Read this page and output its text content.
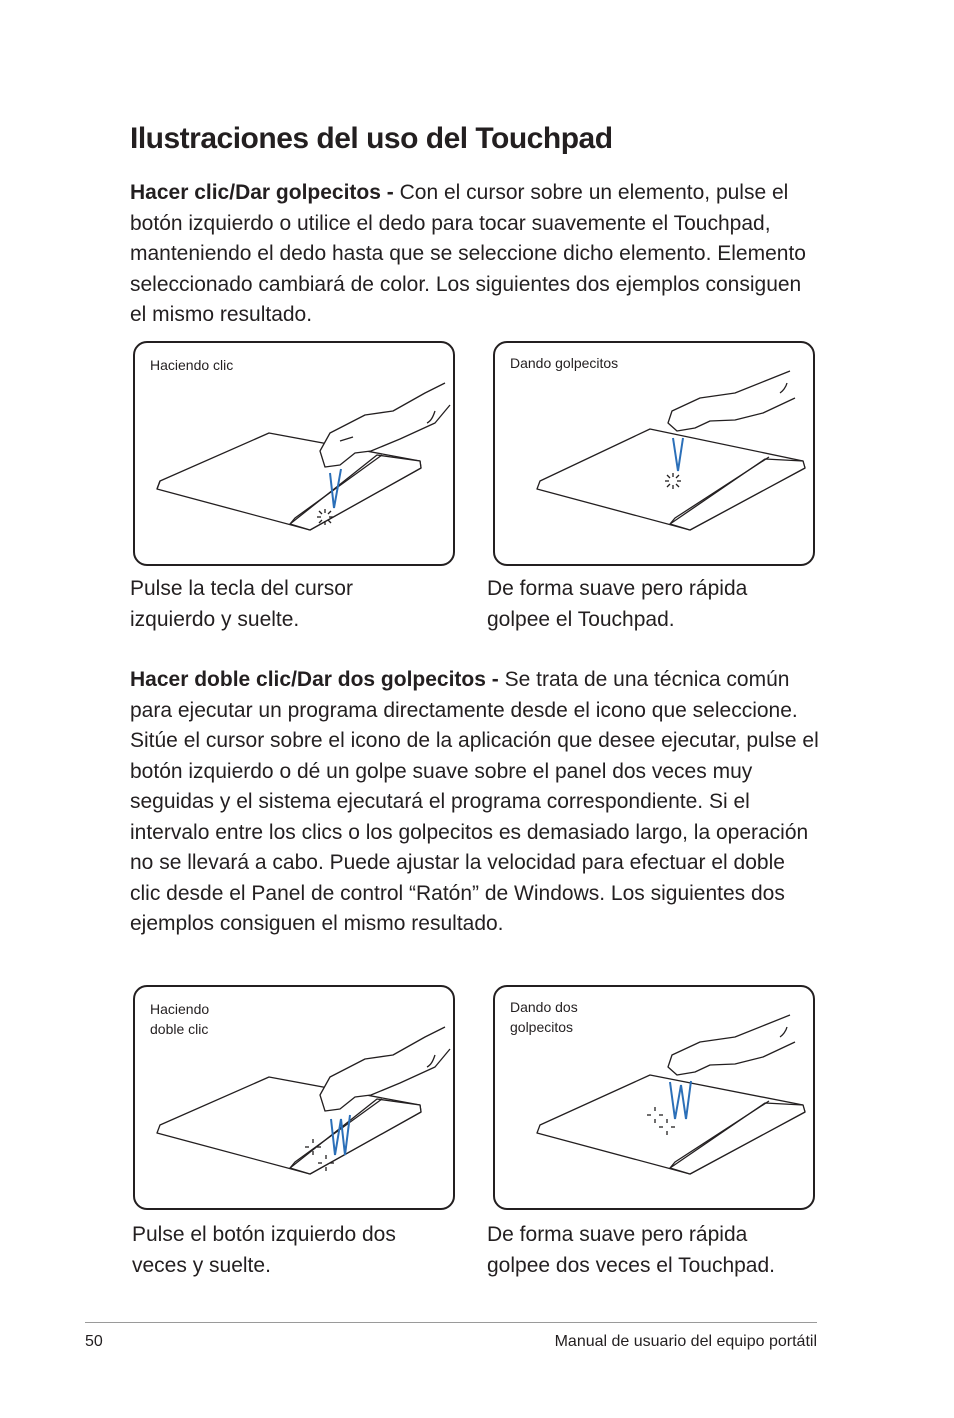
Ilustraciones del uso del Touchpad

Hacer clic/Dar golpecitos - Con el cursor sobre un elemento, pulse el botón izquierdo o utilice el dedo para tocar suavemente el Touchpad, manteniendo el dedo hasta que se seleccione dicho elemento. Elemento seleccionado cambiará de color. Los siguientes dos ejemplos consiguen el mismo resultado.

Haciendo clic	Dando golpecitos
Pulse la tecla del cursor
izquierdo y suelte.
De forma suave pero rápida
golpee el Touchpad.

Hacer doble clic/Dar dos golpecitos - Se trata de una técnica común para ejecutar un programa directamente desde el icono que seleccione. Sitúe el cursor sobre el icono de la aplicación que desee ejecutar, pulse el botón izquierdo o dé un golpe suave sobre el panel dos veces muy seguidas y el sistema ejecutará el programa correspondiente. Si el intervalo entre los clics o los golpecitos es demasiado largo, la operación no se llevará a cabo. Puede ajustar la velocidad para efectuar el doble clic desde el Panel de control “Ratón” de Windows. Los siguientes dos ejemplos consiguen el mismo resultado.

Haciendo
doble clic
Dando dos
golpecitos
Pulse el botón izquierdo dos
veces y suelte.
De forma suave pero rápida
golpee dos veces el Touchpad.
50	Manual de usuario del equipo portátil
